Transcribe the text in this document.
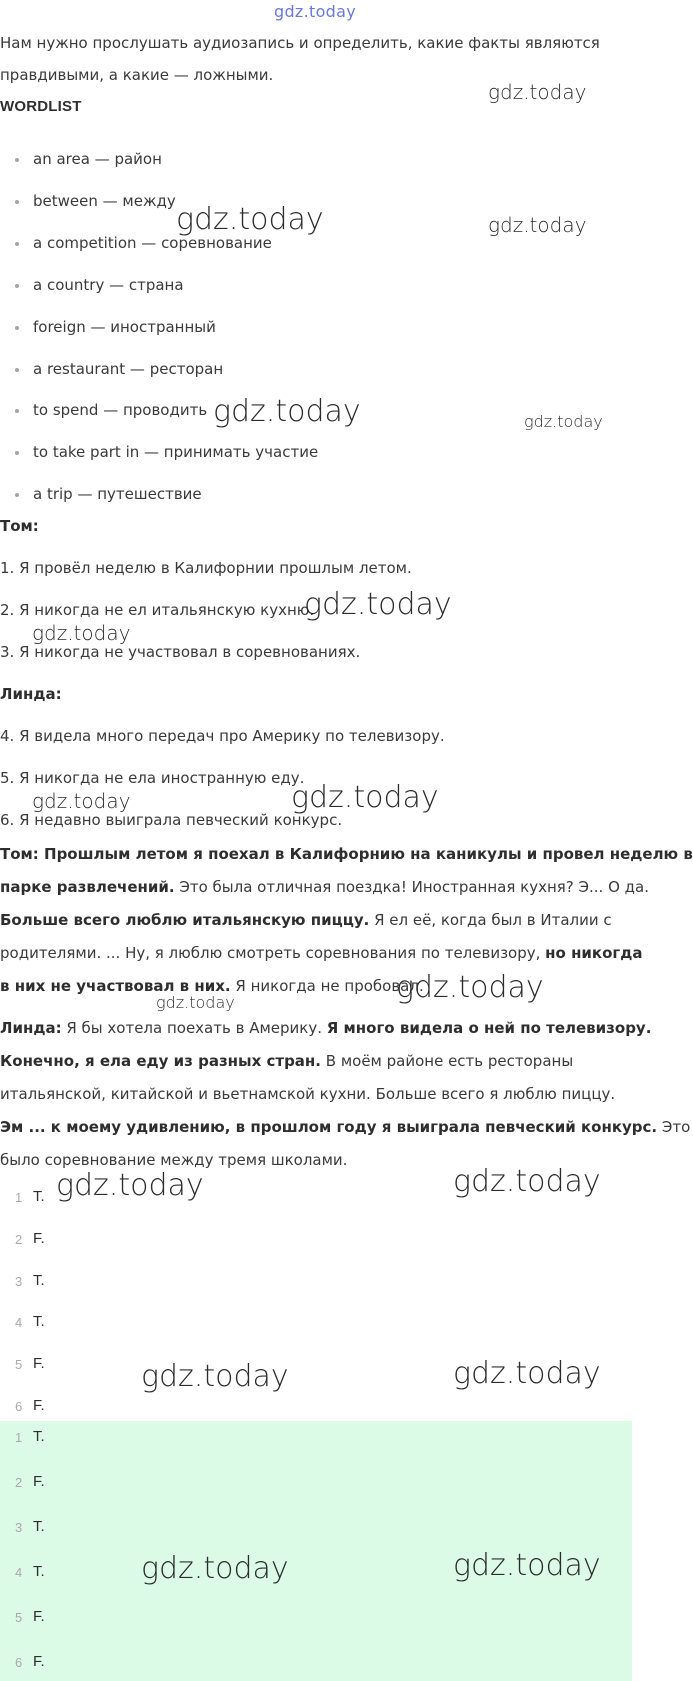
gdz.today
Нам нужно прослушать аудиозапись и определить, какие факты являются
правдивыми, а какие — ложными.
WORDLIST
an area — район
between — между
a competition — соревнование
a country — страна
foreign — иностранный
a restaurant — ресторан
to spend — проводить
to take part in — принимать участие
a trip — путешествие
Том:
1. Я провёл неделю в Калифорнии прошлым летом.
2. Я никогда не ел итальянскую кухню.
3. Я никогда не участвовал в соревнованиях.
Линда:
4. Я видела много передач про Америку по телевизору.
5. Я никогда не ела иностранную еду.
6. Я недавно выиграла певческий конкурс.
Том: Прошлым летом я поехал в Калифорнию на каникулы и провел неделю в
парке развлечений. Это была отличная поездка! Иностранная кухня? Э... О да.
Больше всего люблю итальянскую пиццу. Я ел её, когда был в Италии с
родителями. ... Ну, я люблю смотреть соревнования по телевизору, но никогда
в них не участвовал в них. Я никогда не пробовал.
Линда: Я бы хотела поехать в Америку. Я много видела о ней по телевизору.
Конечно, я ела еду из разных стран. В моём районе есть рестораны
итальянской, китайской и вьетнамской кухни. Больше всего я люблю пиццу.
Эм ... к моему удивлению, в прошлом году я выиграла певческий конкурс. Это
было соревнование между тремя школами.
1 T.
2 F.
3 T.
4 T.
5 F.
6 F.
1 T.
2 F.
3 T.
4 T.
5 F.
6 F.
gdz.today
gdz.today	gdz.today
gdz.today	gdz.today
gdz.today
gdz.today
gdz.today	gdz.today
gdz.today
gdz.today
gdz.today	gdz.today
gdz.today	gdz.today
gdz.today	gdz.today
